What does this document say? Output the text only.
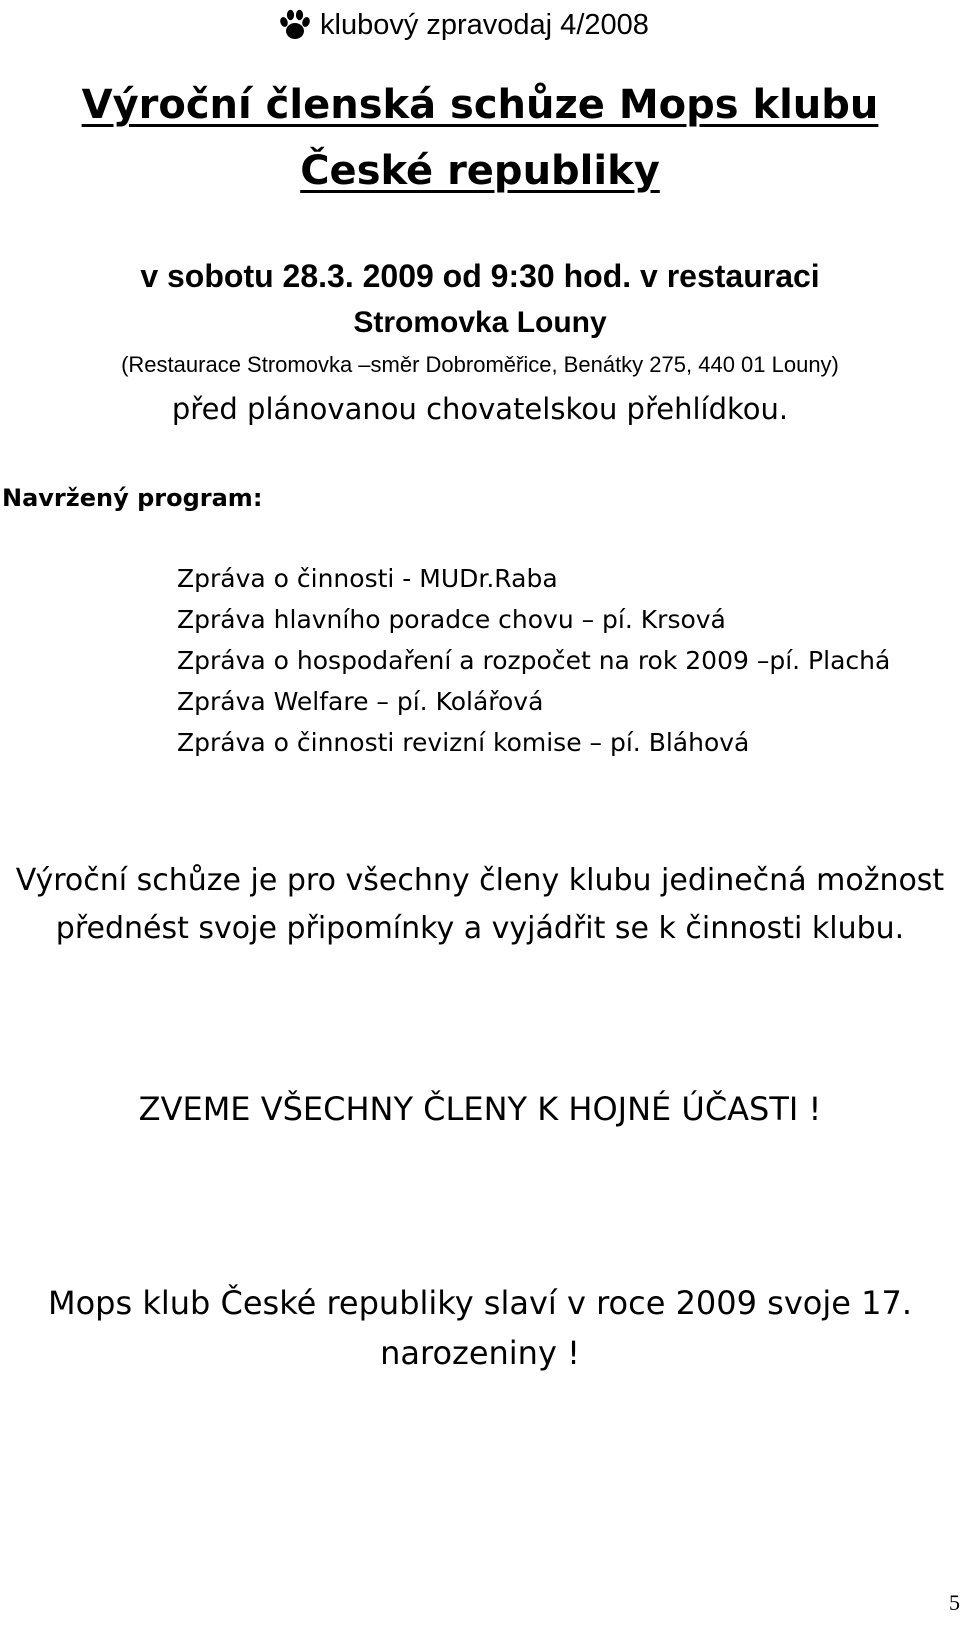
klubový zpravodaj 4/2008
Výroční členská schůze Mops klubu
České republiky
v sobotu 28.3. 2009 od 9:30 hod. v restauraci
Stromovka Louny
(Restaurace Stromovka –směr Dobroměřice, Benátky 275, 440 01 Louny)
před plánovanou chovatelskou přehlídkou.
Navržený program:
Zpráva o činnosti - MUDr.Raba
Zpráva hlavního poradce chovu – pí. Krsová
Zpráva o hospodaření a rozpočet na rok 2009 –pí. Plachá
Zpráva Welfare – pí. Kolářová
Zpráva o činnosti revizní komise – pí. Bláhová
Výroční schůze je pro všechny členy klubu jedinečná možnost přednést svoje připomínky a vyjádřit se k činnosti klubu.
ZVEME VŠECHNY ČLENY K HOJNÉ ÚČASTI !
Mops klub České republiky slaví v roce 2009 svoje 17. narozeniny !
5
